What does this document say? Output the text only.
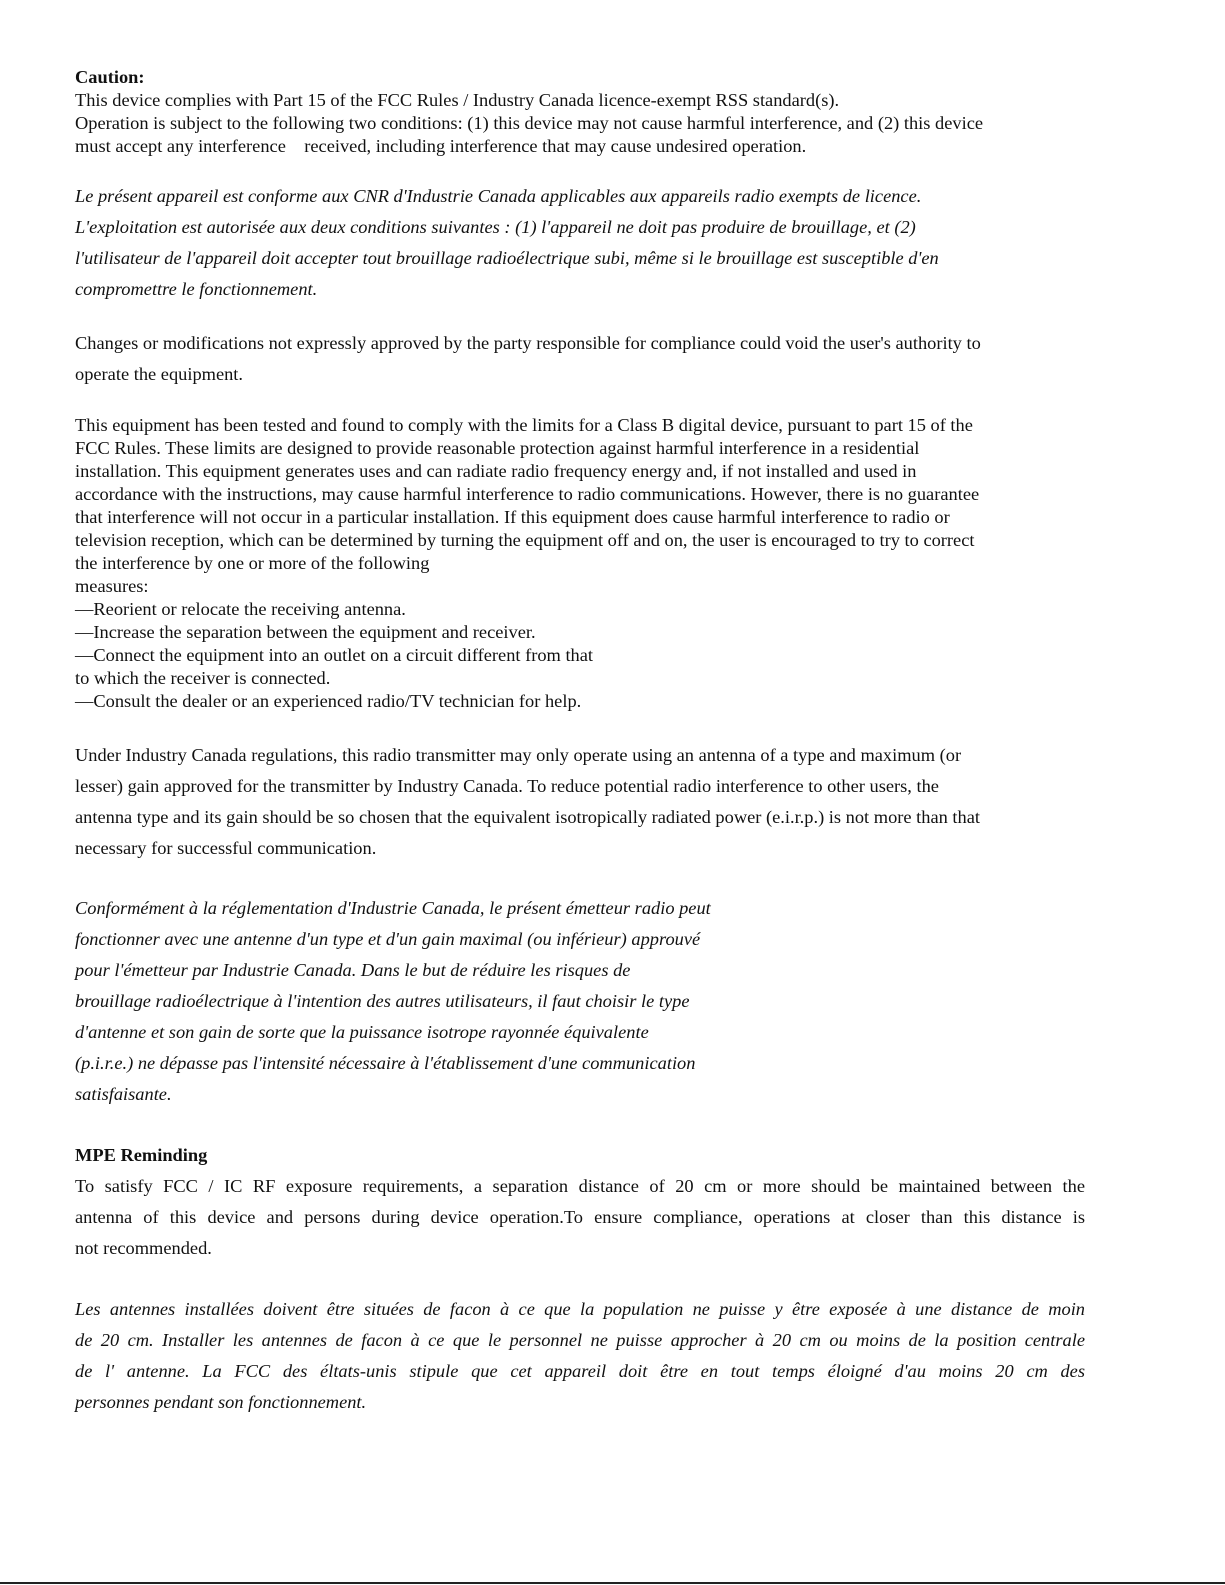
Caution:
This device complies with Part 15 of the FCC Rules / Industry Canada licence-exempt RSS standard(s).
Operation is subject to the following two conditions: (1) this device may not cause harmful interference, and (2) this device
must accept any interference    received, including interference that may cause undesired operation.
Le présent appareil est conforme aux CNR d'Industrie Canada applicables aux appareils radio exempts de licence.
L'exploitation est autorisée aux deux conditions suivantes : (1) l'appareil ne doit pas produire de brouillage, et (2)
l'utilisateur de l'appareil doit accepter tout brouillage radioélectrique subi, même si le brouillage est susceptible d'en
compromettre le fonctionnement.
Changes or modifications not expressly approved by the party responsible for compliance could void the user's authority to
operate the equipment.
This equipment has been tested and found to comply with the limits for a Class B digital device, pursuant to part 15 of the
FCC Rules. These limits are designed to provide reasonable protection against harmful interference in a residential
installation. This equipment generates uses and can radiate radio frequency energy and, if not installed and used in
accordance with the instructions, may cause harmful interference to radio communications. However, there is no guarantee
that interference will not occur in a particular installation. If this equipment does cause harmful interference to radio or
television reception, which can be determined by turning the equipment off and on, the user is encouraged to try to correct
the interference by one or more of the following
measures:
—Reorient or relocate the receiving antenna.
—Increase the separation between the equipment and receiver.
—Connect the equipment into an outlet on a circuit different from that
to which the receiver is connected.
—Consult the dealer or an experienced radio/TV technician for help.
Under Industry Canada regulations, this radio transmitter may only operate using an antenna of a type and maximum (or
lesser) gain approved for the transmitter by Industry Canada. To reduce potential radio interference to other users, the
antenna type and its gain should be so chosen that the equivalent isotropically radiated power (e.i.r.p.) is not more than that
necessary for successful communication.
Conformément à la réglementation d'Industrie Canada, le présent émetteur radio peut
fonctionner avec une antenne d'un type et d'un gain maximal (ou inférieur) approuvé
pour l'émetteur par Industrie Canada. Dans le but de réduire les risques de
brouillage radioélectrique à l'intention des autres utilisateurs, il faut choisir le type
d'antenne et son gain de sorte que la puissance isotrope rayonnée équivalente
(p.i.r.e.) ne dépasse pas l'intensité nécessaire à l'établissement d'une communication
satisfaisante.
MPE Reminding
To satisfy FCC / IC RF exposure requirements, a separation distance of 20 cm or more should be maintained between the
antenna of this device and persons during device operation.To ensure compliance, operations at closer than this distance is
not recommended.
Les antennes installées doivent être situées de facon à ce que la population ne puisse y être exposée à une distance de moin
de 20 cm. Installer les antennes de facon à ce que le personnel ne puisse approcher à 20 cm ou moins de la position centrale
de l' antenne. La FCC des éltats-unis stipule que cet appareil doit être en tout temps éloigné d'au moins 20 cm des
personnes pendant son fonctionnement.
